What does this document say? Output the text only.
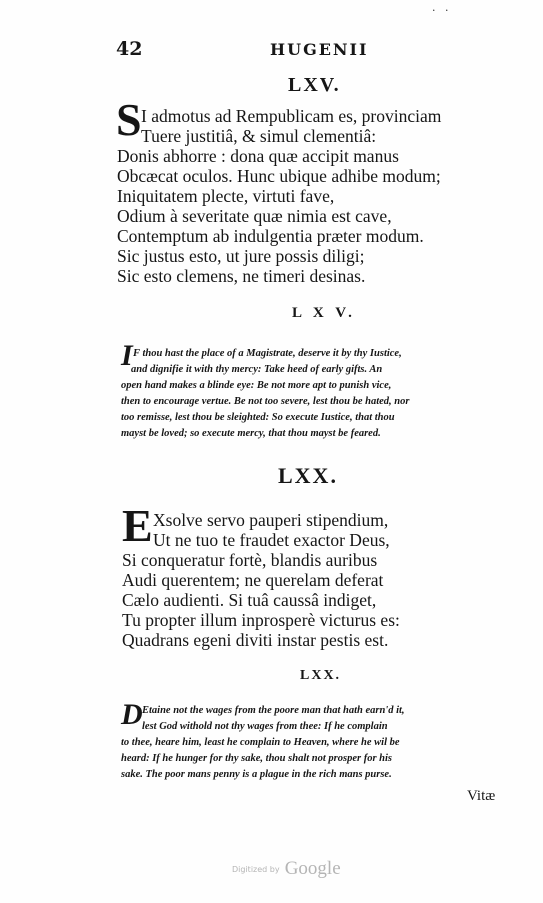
· ·
42	HUGENII
LXV.
S I admotus ad Rempublicam es, provinciam
Tuere justitiâ, & simul clementiâ:
Donis abhorre : dona quæ accipit manus
Obcæcat oculos. Hunc ubique adhibe modum;
Iniquitatem plecte, virtuti fave,
Odium à severitate quæ nimia est cave,
Contemptum ab indulgentia præter modum.
Sic justus esto, ut jure possis diligi;
Sic esto clemens, ne timeri desinas.
L X V.
I F thou hast the place of a Magistrate, deserve it by thy Iustice,
and dignifie it with thy mercy: Take heed of early gifts. An
open hand makes a blinde eye: Be not more apt to punish vice,
then to encourage vertue. Be not too severe, lest thou be hated, nor
too remisse, lest thou be sleighted: So execute Iustice, that thou
mayst be loved; so execute mercy, that thou mayst be feared.
LXX.
E Xsolve servo pauperi stipendium,
Ut ne tuo te fraudet exactor Deus,
Si conqueratur fortè, blandis auribus
Audi querentem; ne querelam deferat
Cælo audienti. Si tuâ caussâ indiget,
Tu propter illum inprosperè victurus es:
Quadrans egeni diviti instar pestis est.
LXX.
D Etaine not the wages from the poore man that hath earn'd it,
lest God withold not thy wages from thee: If he complain
to thee, heare him, least he complain to Heaven, where he wil be
heard: If he hunger for thy sake, thou shalt not prosper for his
sake. The poor mans penny is a plague in the rich mans purse.
Vitæ
Digitized by Google
